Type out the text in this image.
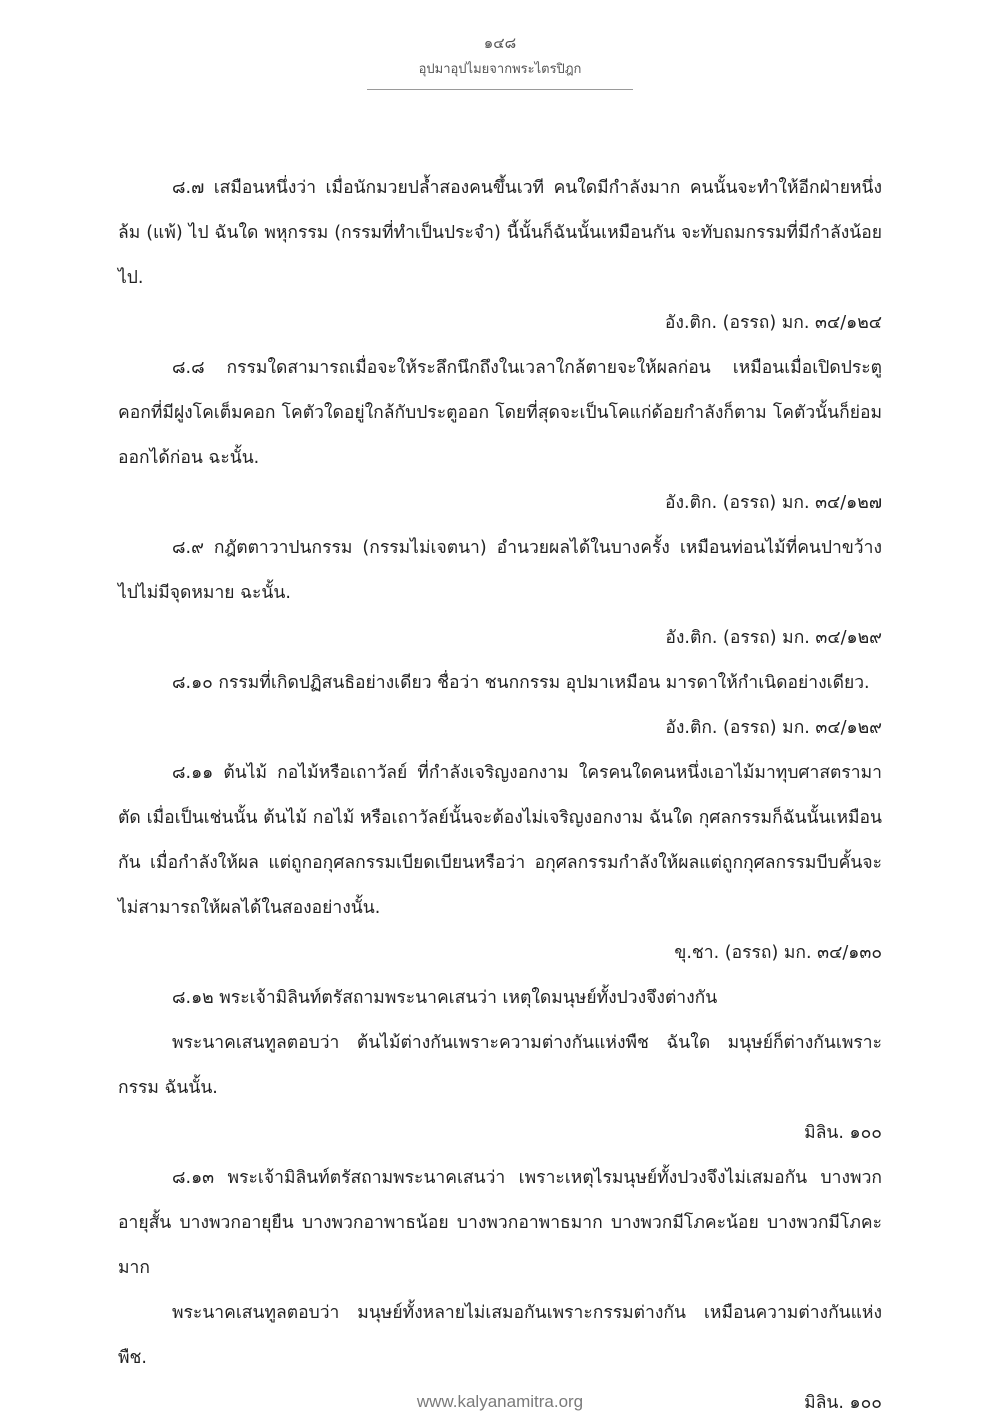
๑๔๘
อุปมาอุปไมยจากพระไตรปิฎก

๘.๗ เสมือนหนึ่งว่า เมื่อนักมวยปล้ำสองคนขึ้นเวที คนใดมีกำลังมาก คนนั้นจะทำให้อีกฝ่ายหนึ่งล้ม (แพ้) ไป ฉันใด พหุกรรม (กรรมที่ทำเป็นประจำ) นี้นั้นก็ฉันนั้นเหมือนกัน จะทับถมกรรมที่มีกำลังน้อยไป.

อัง.ติก. (อรรถ) มก. ๓๔/๑๒๔

๘.๘ กรรมใดสามารถเมื่อจะให้ระลึกนึกถึงในเวลาใกล้ตายจะให้ผลก่อน เหมือนเมื่อเปิดประตูคอกที่มีฝูงโคเต็มคอก โคตัวใดอยู่ใกล้กับประตูออก โดยที่สุดจะเป็นโคแก่ด้อยกำลังก็ตาม โคตัวนั้นก็ย่อมออกได้ก่อน ฉะนั้น.

อัง.ติก. (อรรถ) มก. ๓๔/๑๒๗

๘.๙ กฎัตตาวาปนกรรม (กรรมไม่เจตนา) อำนวยผลได้ในบางครั้ง เหมือนท่อนไม้ที่คนปาขว้างไปไม่มีจุดหมาย ฉะนั้น.

อัง.ติก. (อรรถ) มก. ๓๔/๑๒๙

๘.๑๐ กรรมที่เกิดปฏิสนธิอย่างเดียว ชื่อว่า ชนกกรรม อุปมาเหมือน มารดาให้กำเนิดอย่างเดียว.

อัง.ติก. (อรรถ) มก. ๓๔/๑๒๙

๘.๑๑ ต้นไม้ กอไม้หรือเถาวัลย์ ที่กำลังเจริญงอกงาม ใครคนใดคนหนึ่งเอาไม้มาทุบศาสตรามาตัด เมื่อเป็นเช่นนั้น ต้นไม้ กอไม้ หรือเถาวัลย์นั้นจะต้องไม่เจริญงอกงาม ฉันใด กุศลกรรมก็ฉันนั้นเหมือนกัน เมื่อกำลังให้ผล แต่ถูกอกุศลกรรมเบียดเบียนหรือว่า อกุศลกรรมกำลังให้ผลแต่ถูกกุศลกรรมบีบคั้นจะไม่สามารถให้ผลได้ในสองอย่างนั้น.

ขุ.ชา. (อรรถ) มก. ๓๔/๑๓๐

๘.๑๒ พระเจ้ามิลินท์ตรัสถามพระนาคเสนว่า เหตุใดมนุษย์ทั้งปวงจึงต่างกัน

พระนาคเสนทูลตอบว่า ต้นไม้ต่างกันเพราะความต่างกันแห่งพืช ฉันใด มนุษย์ก็ต่างกันเพราะกรรม ฉันนั้น.

มิลิน. ๑๐๐

๘.๑๓ พระเจ้ามิลินท์ตรัสถามพระนาคเสนว่า เพราะเหตุไรมนุษย์ทั้งปวงจึงไม่เสมอกัน บางพวกอายุสั้น บางพวกอายุยืน บางพวกอาพาธน้อย บางพวกอาพาธมาก บางพวกมีโภคะน้อย บางพวกมีโภคะมาก

พระนาคเสนทูลตอบว่า มนุษย์ทั้งหลายไม่เสมอกันเพราะกรรมต่างกัน เหมือนความต่างกันแห่งพืช.

มิลิน. ๑๐๐

www.kalyanamitra.org
